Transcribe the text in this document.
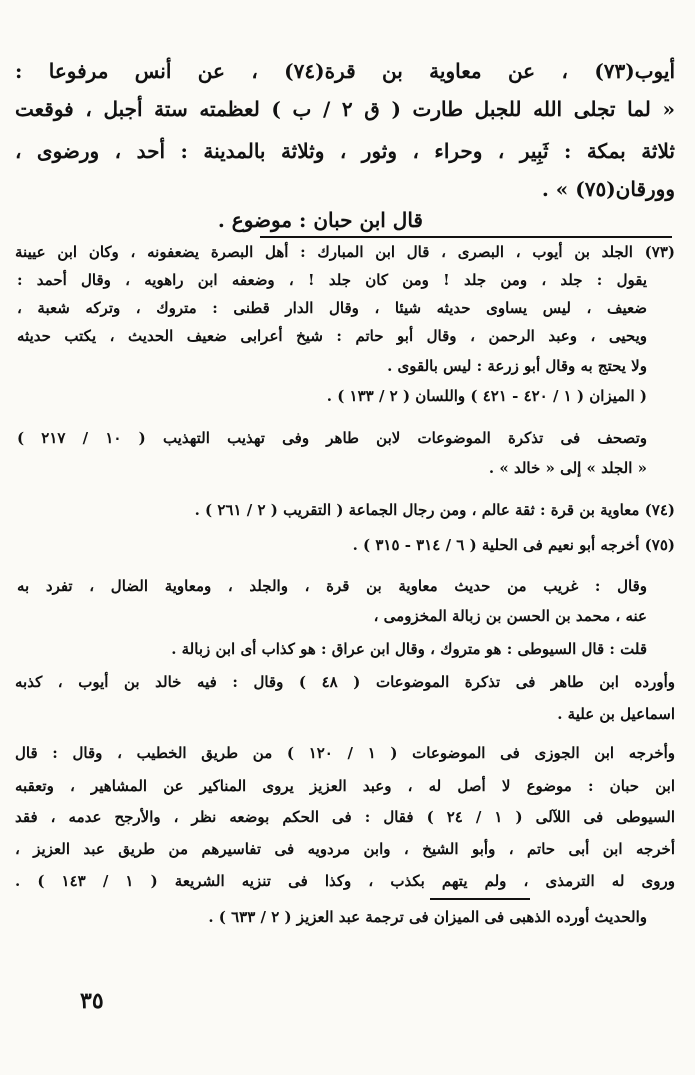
أيوب(٧٣) ، عن معاوية بن قرة(٧٤) ، عن أنس مرفوعا :
« لما تجلى الله للجبل طارت ( ق ٢ / ب ) لعظمته ستة أجبل ، فوقعت
ثلاثة بمكة : ثَبِير ، وحراء ، وثور ، وثلاثة بالمدينة : أحد ، ورضوى ،
وورقان(٧٥) » .
قال ابن حبان : موضوع .
(٧٣) الجلد بن أيوب ، البصرى ، قال ابن المبارك : أهل البصرة يضعفونه ، وكان ابن عيينة
يقول : جلد ، ومن جلد ! ومن كان جلد ! ، وضعفه ابن راهويه ، وقال أحمد :
ضعيف ، ليس يساوى حديثه شيئا ، وقال الدار قطنى : متروك ، وتركه شعبة ،
ويحيى ، وعبد الرحمن ، وقال أبو حاتم : شيخ أعرابى ضعيف الحديث ، يكتب حديثه
ولا يحتج به وقال أبو زرعة : ليس بالقوى .
( الميزان ( ١ / ٤٢٠ - ٤٢١ ) واللسان ( ٢ / ١٣٣ ) .
وتصحف فى تذكرة الموضوعات لابن طاهر وفى تهذيب التهذيب ( ١٠ / ٢١٧ )
« الجلد » إلى « خالد » .
(٧٤) معاوية بن قرة : ثقة عالم ، ومن رجال الجماعة ( التقريب ( ٢ / ٢٦١ ) .
(٧٥) أخرجه أبو نعيم فى الحلية ( ٦ / ٣١٤ - ٣١٥ ) .
وقال : غريب من حديث معاوية بن قرة ، والجلد ، ومعاوية الضال ، تفرد به
عنه ، محمد بن الحسن بن زبالة المخزومى ،
قلت : قال السيوطى : هو متروك ، وقال ابن عراق : هو كذاب أى ابن زبالة .
وأورده ابن طاهر فى تذكرة الموضوعات ( ٤٨ ) وقال : فيه خالد بن أيوب ، كذبه
اسماعيل بن علية .
وأخرجه ابن الجوزى فى الموضوعات ( ١ / ١٢٠ ) من طريق الخطيب ، وقال : قال
ابن حبان : موضوع لا أصل له ، وعبد العزيز يروى المناكير عن المشاهير ، وتعقبه
السيوطى فى اللآلى ( ١ / ٢٤ ) فقال : فى الحكم بوضعه نظر ، والأرجح عدمه ، فقد
أخرجه ابن أبى حاتم ، وأبو الشيخ ، وابن مردويه فى تفاسيرهم من طريق عبد العزيز ،
وروى له الترمذى ، ولم يتهم بكذب ، وكذا فى تنزيه الشريعة ( ١ / ١٤٣ ) .
والحديث أورده الذهبى فى الميزان فى ترجمة عبد العزيز ( ٢ / ٦٣٣ ) .
٣٥
